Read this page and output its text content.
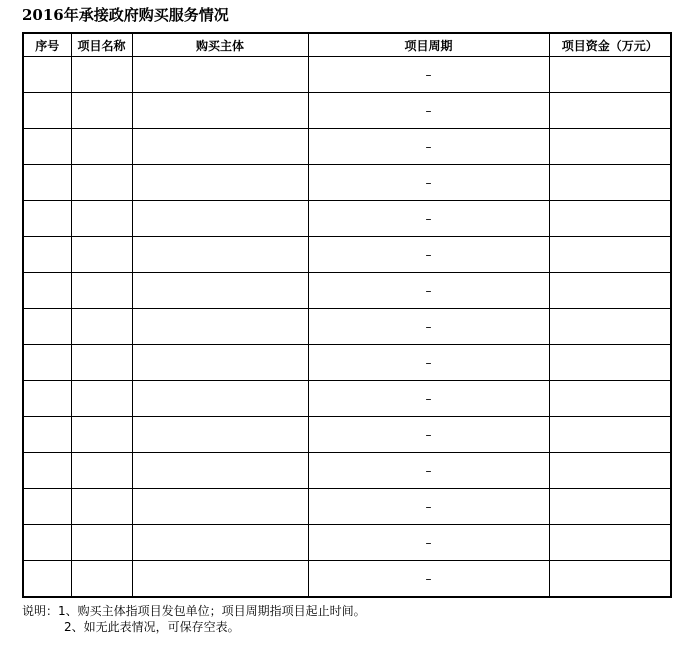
2016年承接政府购买服务情况
序号	项目名称	购买主体	项目周期	项目资金（万元）
			–	
			–	
			–	
			–	
			–	
			–	
			–	
			–	
			–	
			–	
			–	
			–	
			–	
			–	
			–	
说明：1、购买主体指项目发包单位；项目周期指项目起止时间。
2、如无此表情况，可保存空表。
